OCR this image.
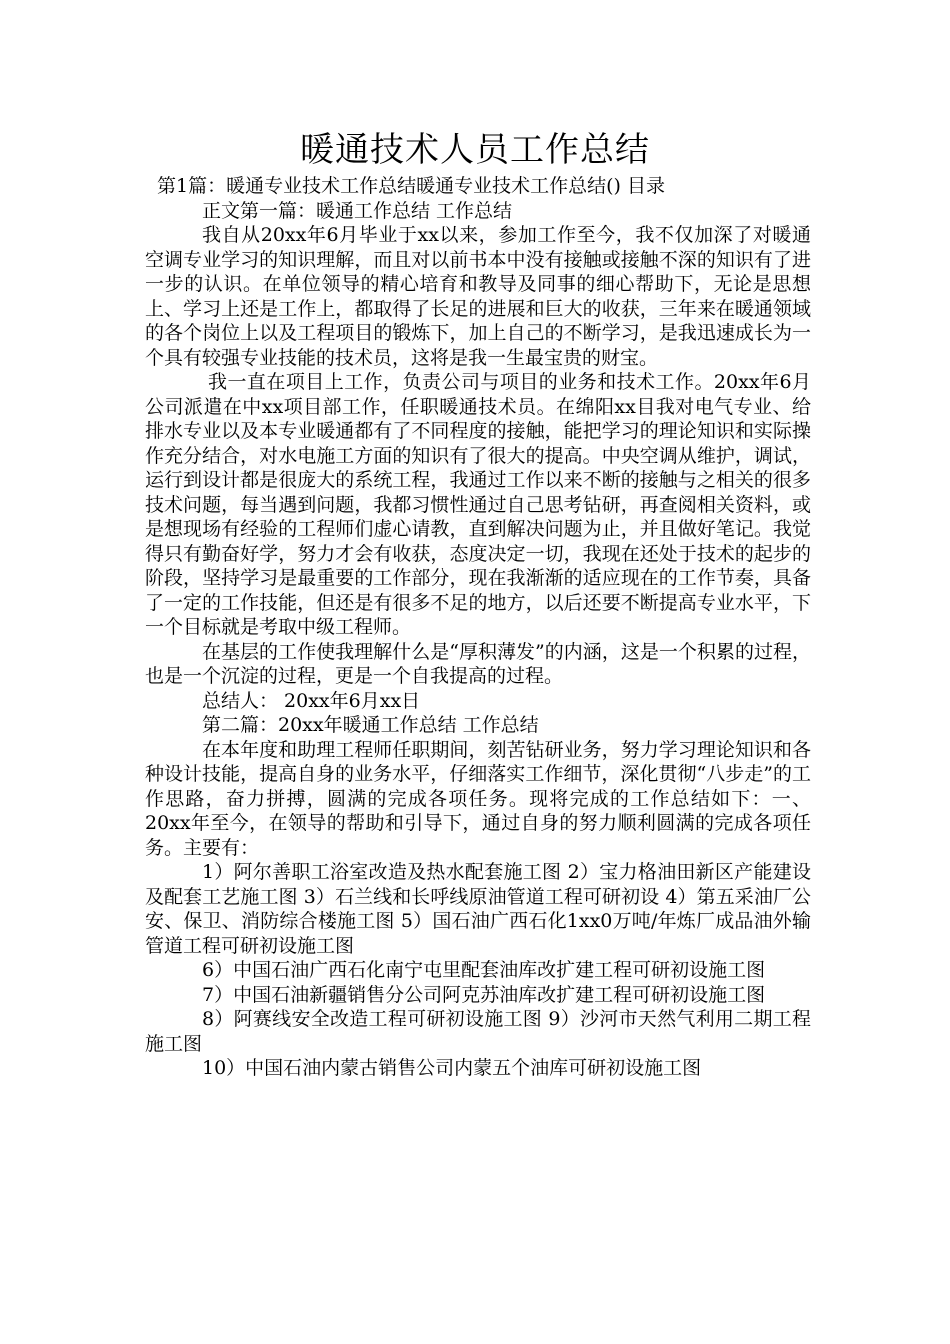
暖通技术人员工作总结

第1篇：暖通专业技术工作总结暖通专业技术工作总结() 目录

正文第一篇：暖通工作总结 工作总结

我自从20xx年6月毕业于xx以来，参加工作至今，我不仅加深了对暖通空调专业学习的知识理解，而且对以前书本中没有接触或接触不深的知识有了进一步的认识。在单位领导的精心培育和教导及同事的细心帮助下，无论是思想上、学习上还是工作上，都取得了长足的进展和巨大的收获，三年来在暖通领域的各个岗位上以及工程项目的锻炼下，加上自己的不断学习，是我迅速成长为一个具有较强专业技能的技术员，这将是我一生最宝贵的财宝。

我一直在项目上工作，负责公司与项目的业务和技术工作。20xx年6月公司派遣在中xx项目部工作，任职暖通技术员。在绵阳xx目我对电气专业、给排水专业以及本专业暖通都有了不同程度的接触，能把学习的理论知识和实际操作充分结合，对水电施工方面的知识有了很大的提高。中央空调从维护，调试，运行到设计都是很庞大的系统工程，我通过工作以来不断的接触与之相关的很多技术问题，每当遇到问题，我都习惯性通过自己思考钻研，再查阅相关资料，或是想现场有经验的工程师们虚心请教，直到解决问题为止，并且做好笔记。我觉得只有勤奋好学，努力才会有收获，态度决定一切，我现在还处于技术的起步的阶段，坚持学习是最重要的工作部分，现在我渐渐的适应现在的工作节奏，具备了一定的工作技能，但还是有很多不足的地方，以后还要不断提高专业水平，下一个目标就是考取中级工程师。

在基层的工作使我理解什么是“厚积薄发”的内涵，这是一个积累的过程，也是一个沉淀的过程，更是一个自我提高的过程。

总结人： 20xx年6月xx日

第二篇：20xx年暖通工作总结 工作总结

在本年度和助理工程师任职期间，刻苦钻研业务，努力学习理论知识和各种设计技能，提高自身的业务水平，仔细落实工作细节，深化贯彻“八步走”的工作思路，奋力拼搏，圆满的完成各项任务。现将完成的工作总结如下：一、20xx年至今，在领导的帮助和引导下，通过自身的努力顺利圆满的完成各项任务。主要有：

1）阿尔善职工浴室改造及热水配套施工图 2）宝力格油田新区产能建设及配套工艺施工图 3）石兰线和长呼线原油管道工程可研初设 4）第五采油厂公安、保卫、消防综合楼施工图 5）国石油广西石化1xx0万吨/年炼厂成品油外输管道工程可研初设施工图

6）中国石油广西石化南宁屯里配套油库改扩建工程可研初设施工图

7）中国石油新疆销售分公司阿克苏油库改扩建工程可研初设施工图

8）阿赛线安全改造工程可研初设施工图 9）沙河市天然气利用二期工程施工图

10）中国石油内蒙古销售公司内蒙五个油库可研初设施工图
